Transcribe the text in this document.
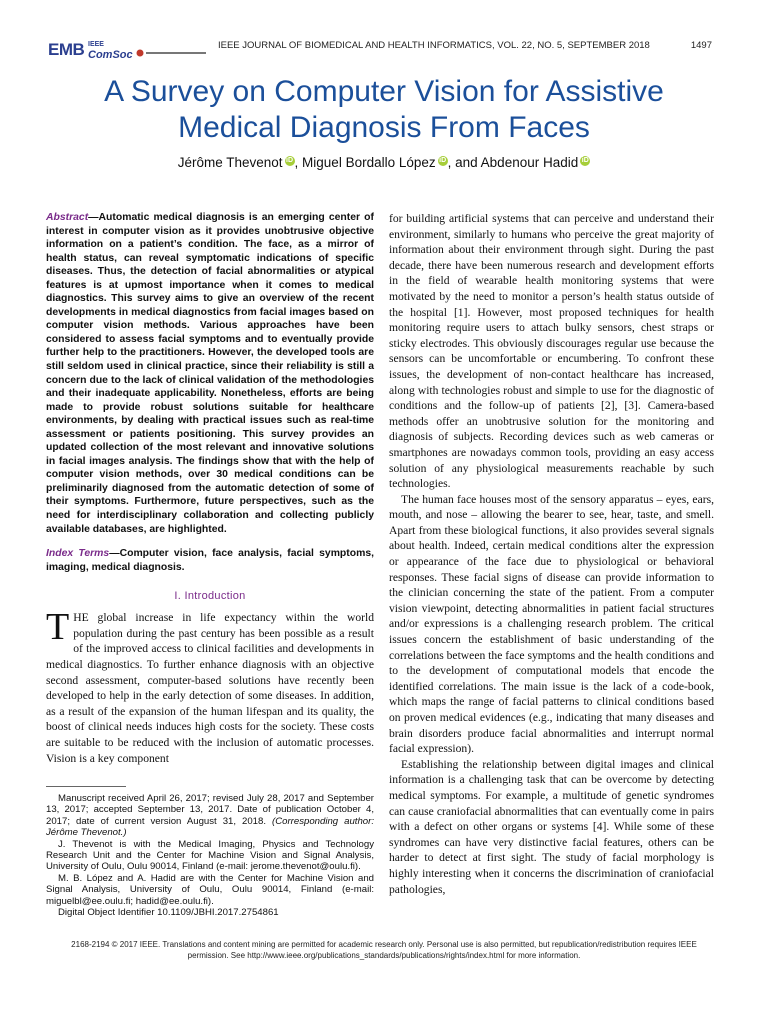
EMB IEEE
ComSoc
IEEE JOURNAL OF BIOMEDICAL AND HEALTH INFORMATICS, VOL. 22, NO. 5, SEPTEMBER 2018	1497
A Survey on Computer Vision for Assistive
Medical Diagnosis From Faces
Jérôme Thevenot iD , Miguel Bordallo López iD , and Abdenour Hadid iD

Abstract—Automatic medical diagnosis is an emerging center of interest in computer vision as it provides unobtrusive objective information on a patient’s condition. The face, as a mirror of health status, can reveal symptomatic indications of specific diseases. Thus, the detection of facial abnormalities or atypical features is at upmost importance when it comes to medical diagnostics. This survey aims to give an overview of the recent developments in medical diagnostics from facial images based on computer vision methods. Various approaches have been considered to assess facial symptoms and to eventually provide further help to the practitioners. However, the developed tools are still seldom used in clinical practice, since their reliability is still a concern due to the lack of clinical validation of the methodologies and their inadequate applicability. Nonetheless, efforts are being made to provide robust solutions suitable for healthcare environments, by dealing with practical issues such as real-time assessment or patients positioning. This survey provides an updated collection of the most relevant and innovative solutions in facial images analysis. The findings show that with the help of computer vision methods, over 30 medical conditions can be preliminarily diagnosed from the automatic detection of some of their symptoms. Furthermore, future perspectives, such as the need for interdisciplinary collaboration and collecting publicly available databases, are highlighted.

Index Terms—Computer vision, face analysis, facial symptoms, imaging, medical diagnosis.

I. Introduction

THE global increase in life expectancy within the world population during the past century has been possible as a result of the improved access to clinical facilities and developments in medical diagnostics. To further enhance diagnosis with an objective second assessment, computer-based solutions have recently been developed to help in the early detection of some diseases. In addition, as a result of the expansion of the human lifespan and its quality, the boost of clinical needs induces high costs for the society. These costs are suitable to be reduced with the inclusion of automatic processes. Vision is a key component

Manuscript received April 26, 2017; revised July 28, 2017 and September 13, 2017; accepted September 13, 2017. Date of publication October 4, 2017; date of current version August 31, 2018. (Corresponding author: Jérôme Thevenot.)

J. Thevenot is with the Medical Imaging, Physics and Technology Research Unit and the Center for Machine Vision and Signal Analysis, University of Oulu, Oulu 90014, Finland (e-mail: jerome.thevenot@oulu.fi).

M. B. López and A. Hadid are with the Center for Machine Vision and Signal Analysis, University of Oulu, Oulu 90014, Finland (e-mail: miguelbl@ee.oulu.fi; hadid@ee.oulu.fi).

Digital Object Identifier 10.1109/JBHI.2017.2754861

for building artificial systems that can perceive and understand their environment, similarly to humans who perceive the great majority of information about their environment through sight. During the past decade, there have been numerous research and development efforts in the field of wearable health monitoring systems that were motivated by the need to monitor a person’s health status outside of the hospital [1]. However, most proposed techniques for health monitoring require users to attach bulky sensors, chest straps or sticky electrodes. This obviously discourages regular use because the sensors can be uncomfortable or encumbering. To confront these issues, the development of non-contact healthcare has increased, along with technologies robust and simple to use for the diagnostic of conditions and the follow-up of patients [2], [3]. Camera-based methods offer an unobtrusive solution for the monitoring and diagnosis of subjects. Recording devices such as web cameras or smartphones are nowadays common tools, providing an easy access solution of any physiological measurements reachable by such technologies.

The human face houses most of the sensory apparatus – eyes, ears, mouth, and nose – allowing the bearer to see, hear, taste, and smell. Apart from these biological functions, it also provides several signals about health. Indeed, certain medical conditions alter the expression or appearance of the face due to physiological or behavioral responses. These facial signs of disease can provide information to the clinician concerning the state of the patient. From a computer vision viewpoint, detecting abnormalities in patient facial structures and/or expressions is a challenging research problem. The critical issues concern the establishment of basic understanding of the correlations between the face symptoms and the health conditions and to the development of computational models that encode the identified correlations. The main issue is the lack of a code-book, which maps the range of facial patterns to clinical conditions based on proven medical evidences (e.g., indicating that many diseases and brain disorders produce facial abnormalities and interrupt normal facial expression).

Establishing the relationship between digital images and clinical information is a challenging task that can be overcome by detecting medical symptoms. For example, a multitude of genetic syndromes can cause craniofacial abnormalities that can eventually come in pairs with a defect on other organs or systems [4]. While some of these syndromes can have very distinctive facial features, others can be harder to detect at first sight. The study of facial morphology is highly interesting when it concerns the discrimination of craniofacial pathologies,

2168-2194 © 2017 IEEE. Translations and content mining are permitted for academic research only. Personal use is also permitted, but republication/redistribution requires IEEE permission. See http://www.ieee.org/publications_standards/publications/rights/index.html for more information.
